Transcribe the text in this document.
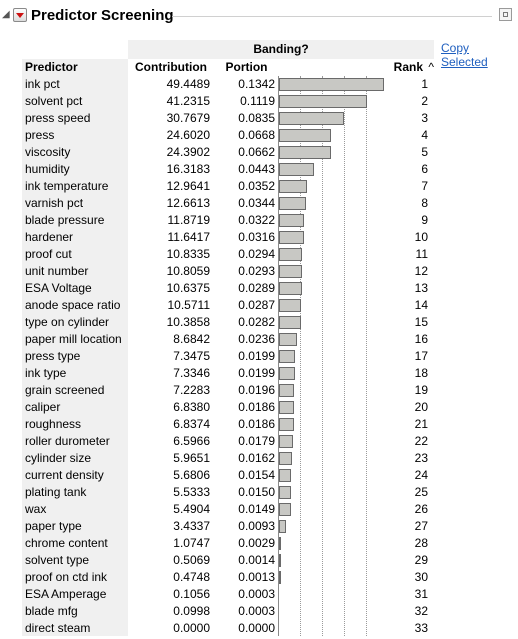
◢ Predictor Screening
Copy Selected
Banding?
Predictor	Contribution	Portion	Rank ^
ink pct	49.4489	0.1342	1
solvent pct	41.2315	0.1119	2
press speed	30.7679	0.0835	3
press	24.6020	0.0668	4
viscosity	24.3902	0.0662	5
humidity	16.3183	0.0443	6
ink temperature	12.9641	0.0352	7
varnish pct	12.6613	0.0344	8
blade pressure	11.8719	0.0322	9
hardener	11.6417	0.0316	10
proof cut	10.8335	0.0294	11
unit number	10.8059	0.0293	12
ESA Voltage	10.6375	0.0289	13
anode space ratio	10.5711	0.0287	14
type on cylinder	10.3858	0.0282	15
paper mill location	8.6842	0.0236	16
press type	7.3475	0.0199	17
ink type	7.3346	0.0199	18
grain screened	7.2283	0.0196	19
caliper	6.8380	0.0186	20
roughness	6.8374	0.0186	21
roller durometer	6.5966	0.0179	22
cylinder size	5.9651	0.0162	23
current density	5.6806	0.0154	24
plating tank	5.5333	0.0150	25
wax	5.4904	0.0149	26
paper type	3.4337	0.0093	27
chrome content	1.0747	0.0029	28
solvent type	0.5069	0.0014	29
proof on ctd ink	0.4748	0.0013	30
ESA Amperage	0.1056	0.0003	31
blade mfg	0.0998	0.0003	32
direct steam	0.0000	0.0000	33
